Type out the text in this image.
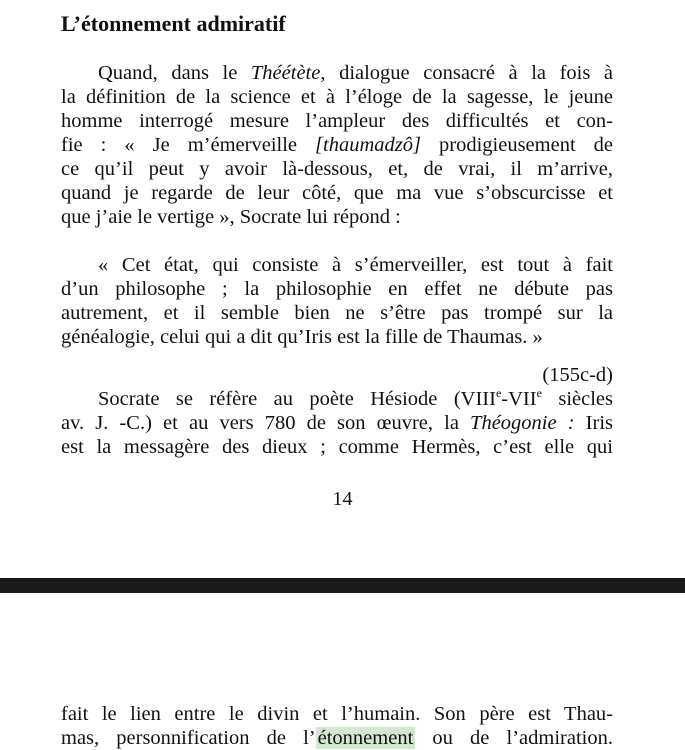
L’étonnement admiratif
Quand, dans le Théétète, dialogue consacré à la fois à
la définition de la science et à l’éloge de la sagesse, le jeune
homme interrogé mesure l’ampleur des difficultés et con-
fie : « Je m’émerveille [thaumadzô] prodigieusement de
ce qu’il peut y avoir là-dessous, et, de vrai, il m’arrive,
quand je regarde de leur côté, que ma vue s’obscurcisse et
que j’aie le vertige », Socrate lui répond :
« Cet état, qui consiste à s’émerveiller, est tout à fait
d’un philosophe ; la philosophie en effet ne débute pas
autrement, et il semble bien ne s’être pas trompé sur la
généalogie, celui qui a dit qu’Iris est la fille de Thaumas. »
(155c-d)
Socrate se réfère au poète Hésiode (VIIIe-VIIe siècles
av. J. -C.) et au vers 780 de son œuvre, la Théogonie : Iris
est la messagère des dieux ; comme Hermès, c’est elle qui
14
fait le lien entre le divin et l’humain. Son père est Thau-
mas, personnification de l’étonnement ou de l’admiration.
